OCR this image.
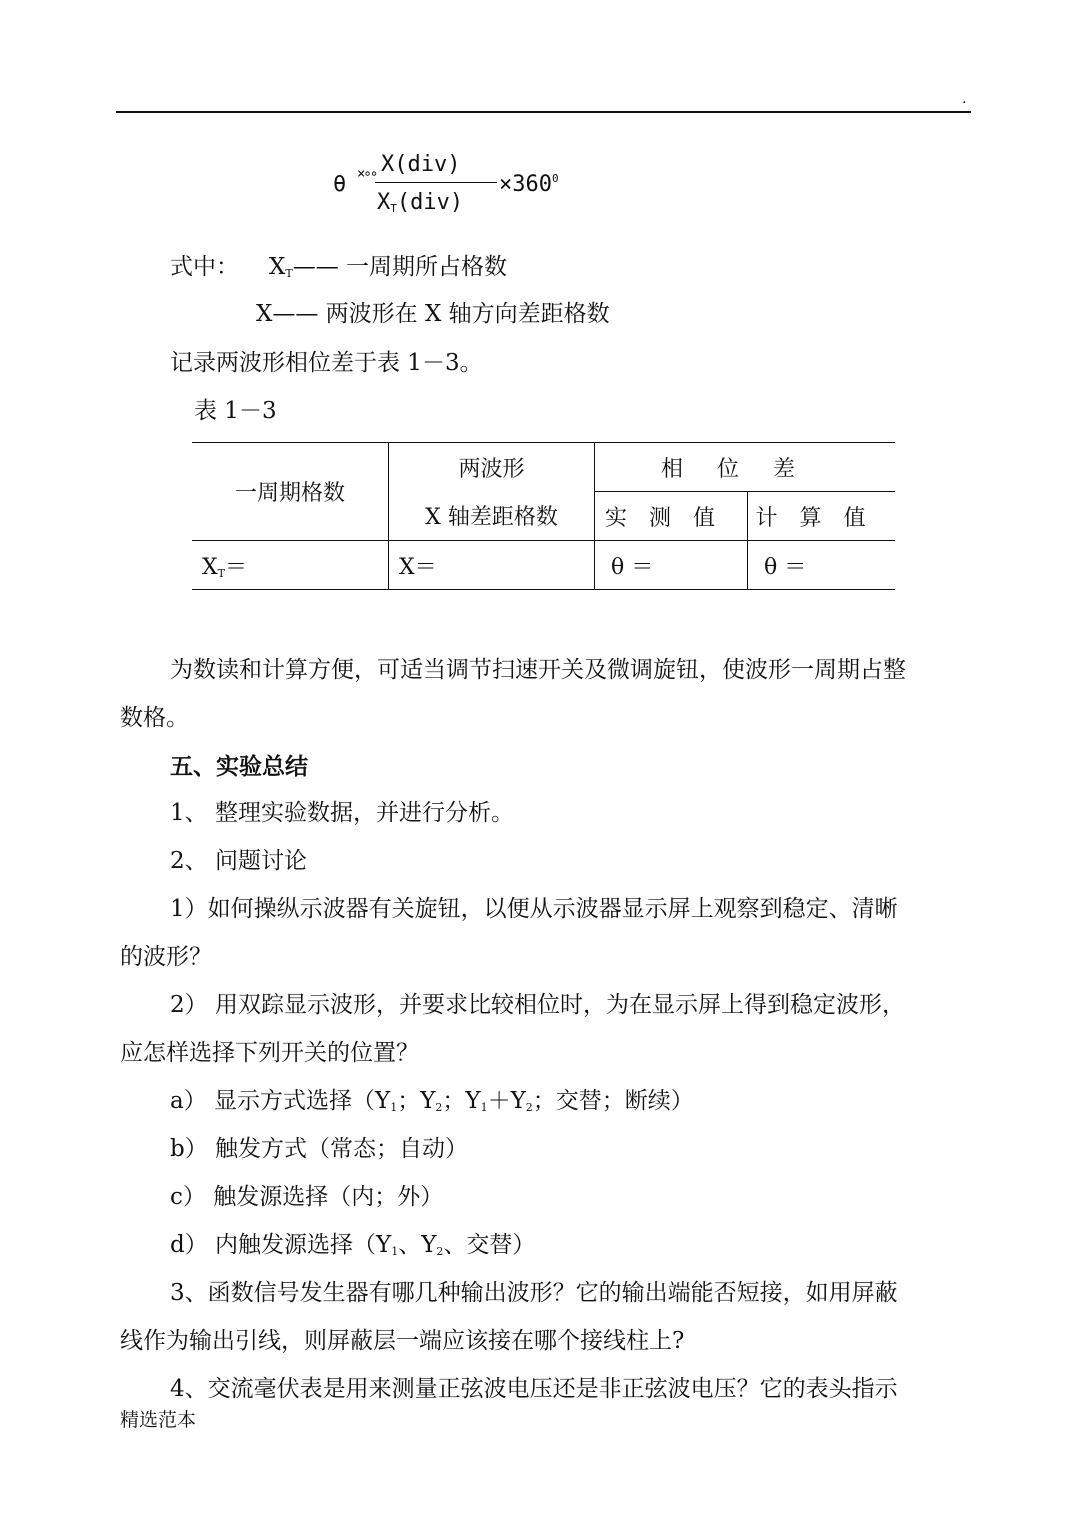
.
θ ×∘∘ X(div)
$X_T(div)$
$\times 360^0$
式中： $X_T——$ 一周期所占格数
X—— 两波形在 X 轴方向差距格数
记录两波形相位差于表 1－3。
表 1－3
一周期格数	两波形	相位差	
	X 轴差距格数	实测值	计算值
$X_T=$	X＝	θ ＝	θ ＝
为数读和计算方便，可适当调节扫速开关及微调旋钮，使波形一周期占整
数格。
五、实验总结
1、 整理实验数据，并进行分析。
2、 问题讨论
1）如何操纵示波器有关旋钮，以便从示波器显示屏上观察到稳定、清晰
的波形？
2） 用双踪显示波形，并要求比较相位时，为在显示屏上得到稳定波形，
应怎样选择下列开关的位置？
a） 显示方式选择（$Y_1$；$Y_2$；$Y_1+Y_2$；交替；断续）
b） 触发方式（常态；自动）
c） 触发源选择（内；外）
d） 内触发源选择（$Y_1$、$Y_2$、交替）
3、函数信号发生器有哪几种输出波形？它的输出端能否短接，如用屏蔽
线作为输出引线，则屏蔽层一端应该接在哪个接线柱上?
4、交流毫伏表是用来测量正弦波电压还是非正弦波电压？它的表头指示
精选范本
